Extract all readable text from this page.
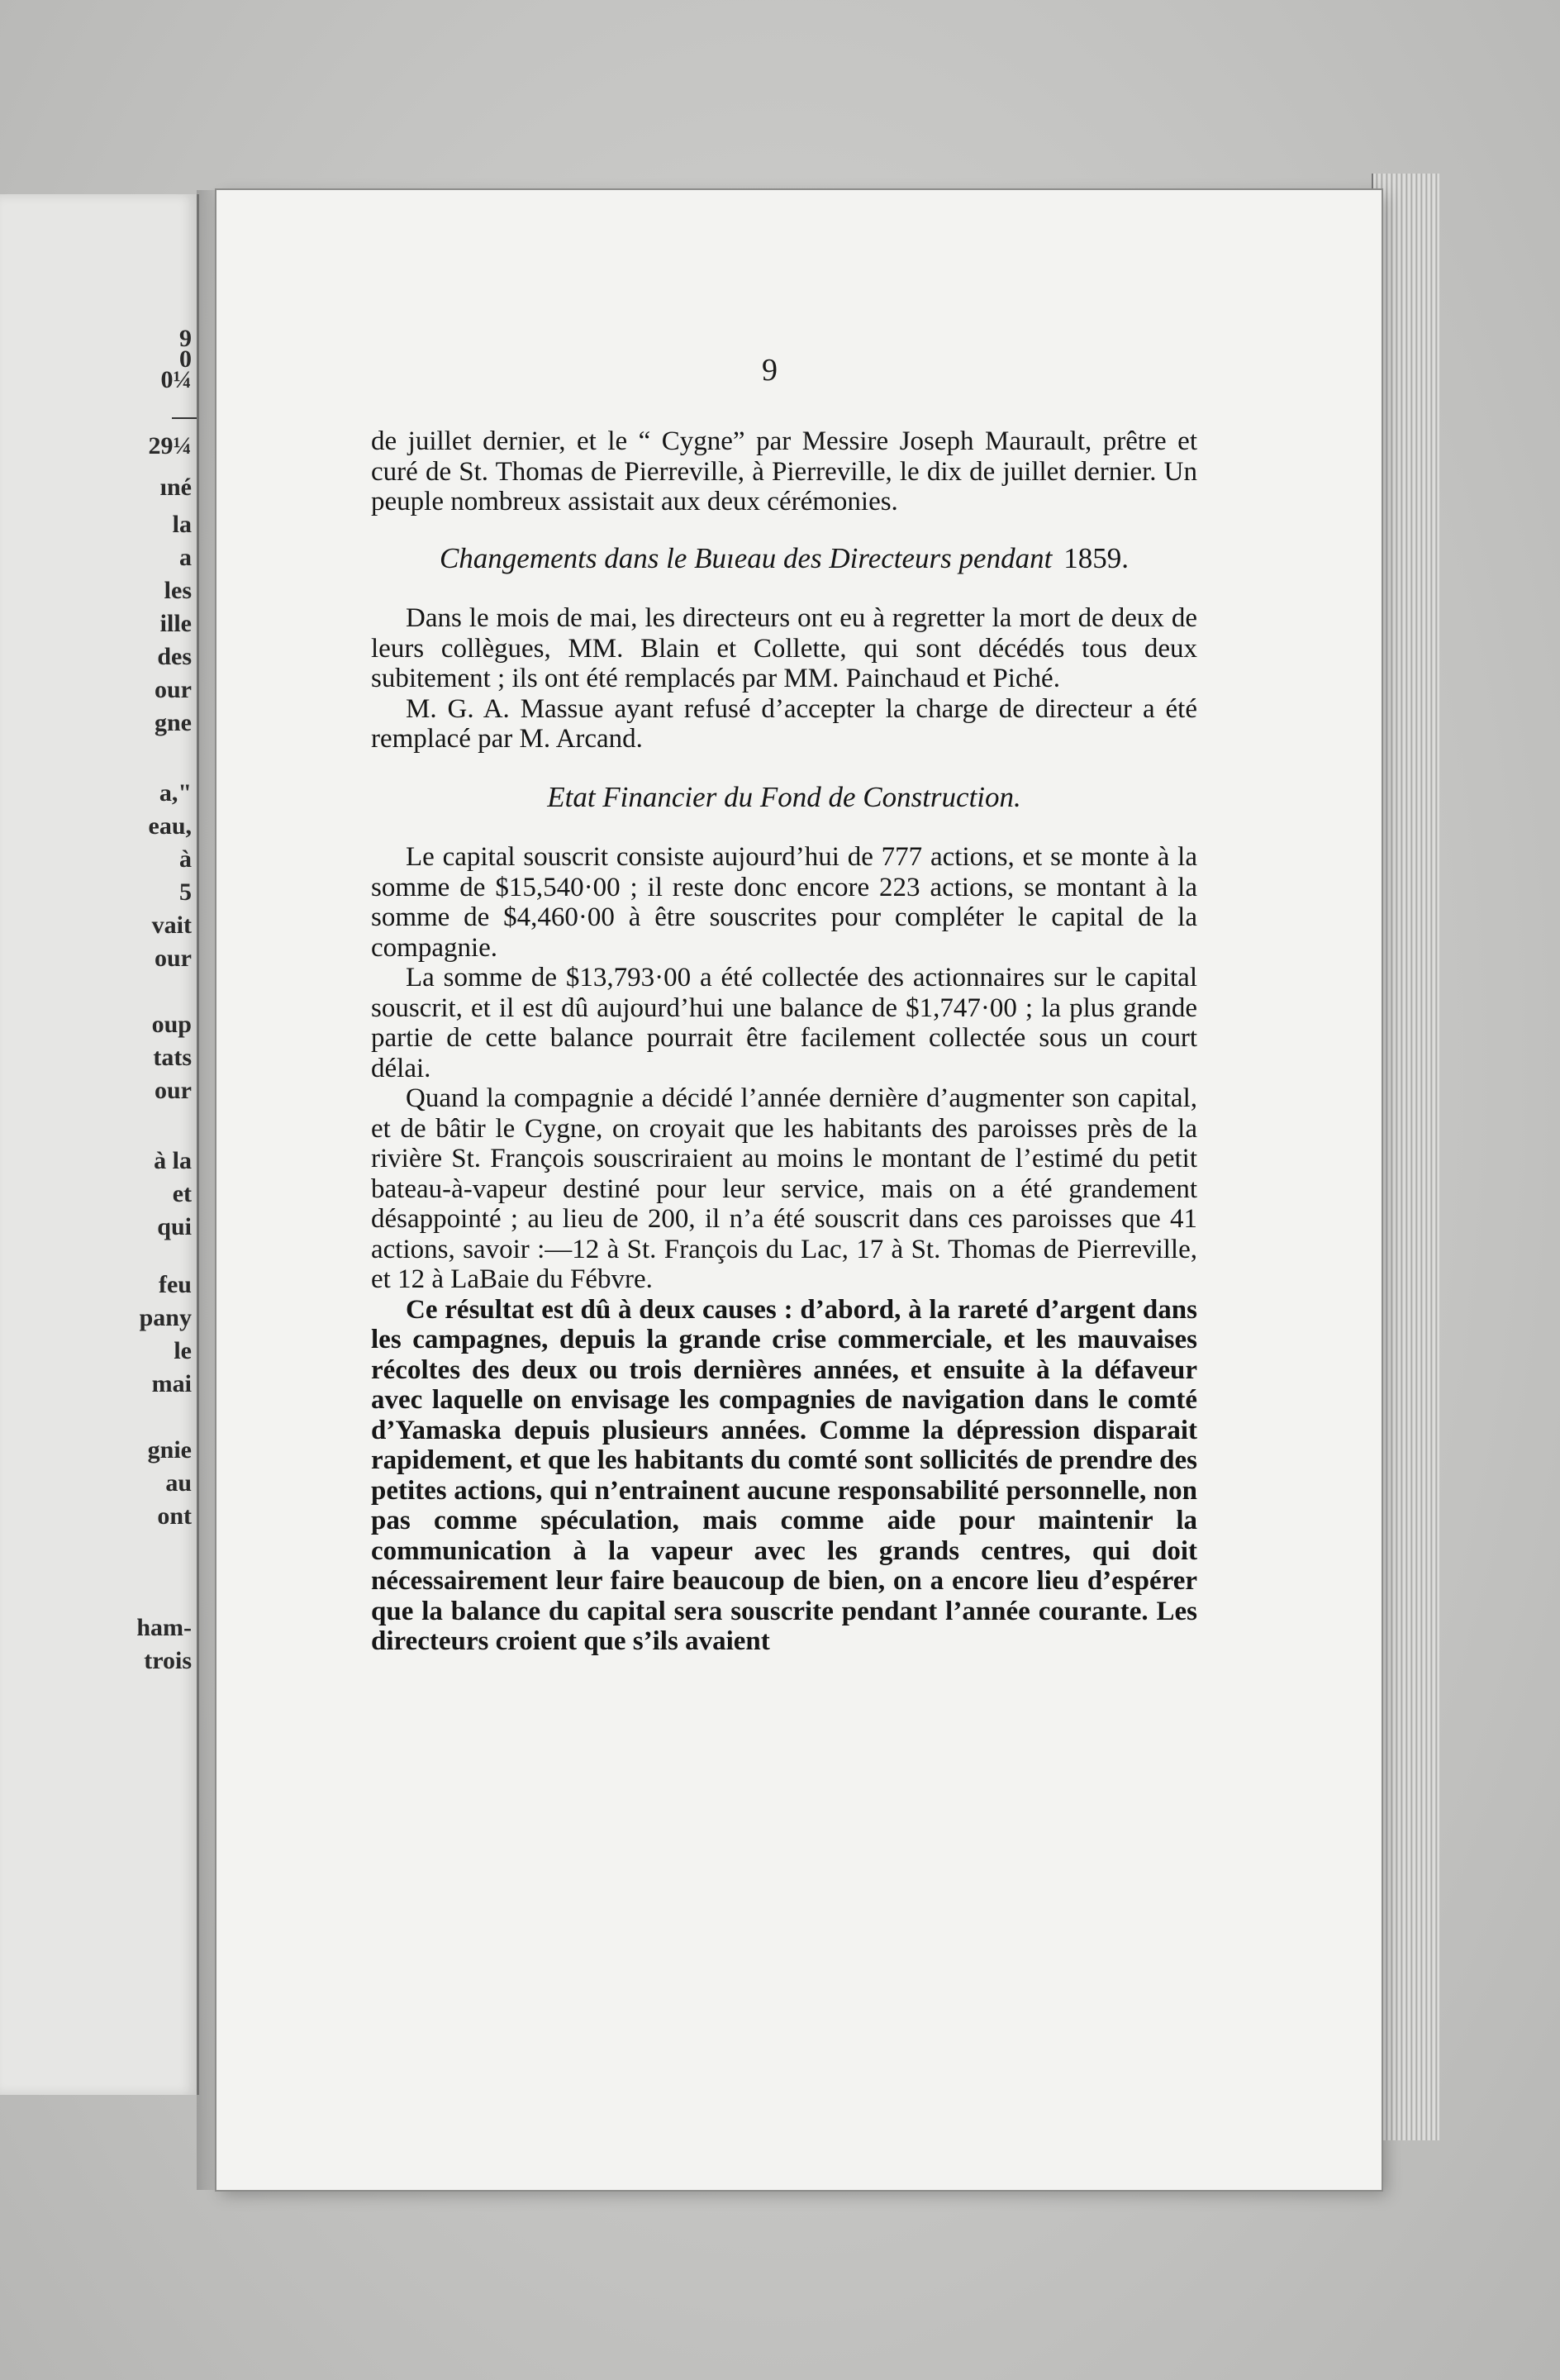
9

0

0¼

29¼

ıné

la

a

les

ille

des

our

gne

a,"

eau,

à

5

vait

our

oup

tats

our

à la

et

qui

feu

pany

le

mai

gnie

au

ont

ham-

trois

9

de juillet dernier, et le “ Cygne” par Messire Joseph Maurault, prêtre et curé de St. Thomas de Pierreville, à Pierreville, le dix de juillet dernier. Un peuple nombreux assistait aux deux cérémonies.

Changements dans le Buıeau des Directeurs pendant 1859.

Dans le mois de mai, les directeurs ont eu à regretter la mort de deux de leurs collègues, MM. Blain et Collette, qui sont décédés tous deux subitement ; ils ont été remplacés par MM. Painchaud et Piché.

M. G. A. Massue ayant refusé d’accepter la charge de directeur a été remplacé par M. Arcand.

Etat Financier du Fond de Construction.

Le capital souscrit consiste aujourd’hui de 777 actions, et se monte à la somme de $15,540·00 ; il reste donc encore 223 actions, se montant à la somme de $4,460·00 à être souscrites pour compléter le capital de la compagnie.

La somme de $13,793·00 a été collectée des actionnaires sur le capital souscrit, et il est dû aujourd’hui une balance de $1,747·00 ; la plus grande partie de cette balance pourrait être facilement collectée sous un court délai.

Quand la compagnie a décidé l’année dernière d’augmenter son capital, et de bâtir le Cygne, on croyait que les habitants des paroisses près de la rivière St. François souscriraient au moins le montant de l’estimé du petit bateau-à-vapeur destiné pour leur service, mais on a été grandement désappointé ; au lieu de 200, il n’a été souscrit dans ces paroisses que 41 actions, savoir :—12 à St. François du Lac, 17 à St. Thomas de Pierreville, et 12 à LaBaie du Fébvre.

Ce résultat est dû à deux causes : d’abord, à la rareté d’argent dans les campagnes, depuis la grande crise commerciale, et les mauvaises récoltes des deux ou trois dernières années, et ensuite à la défaveur avec laquelle on envisage les compagnies de navigation dans le comté d’Yamaska depuis plusieurs années. Comme la dépression disparait rapidement, et que les habitants du comté sont sollicités de prendre des petites actions, qui n’entrainent aucune responsabilité personnelle, non pas comme spéculation, mais comme aide pour maintenir la communication à la vapeur avec les grands centres, qui doit nécessairement leur faire beaucoup de bien, on a encore lieu d’espérer que la balance du capital sera souscrite pendant l’année courante. Les directeurs croient que s’ils avaient
